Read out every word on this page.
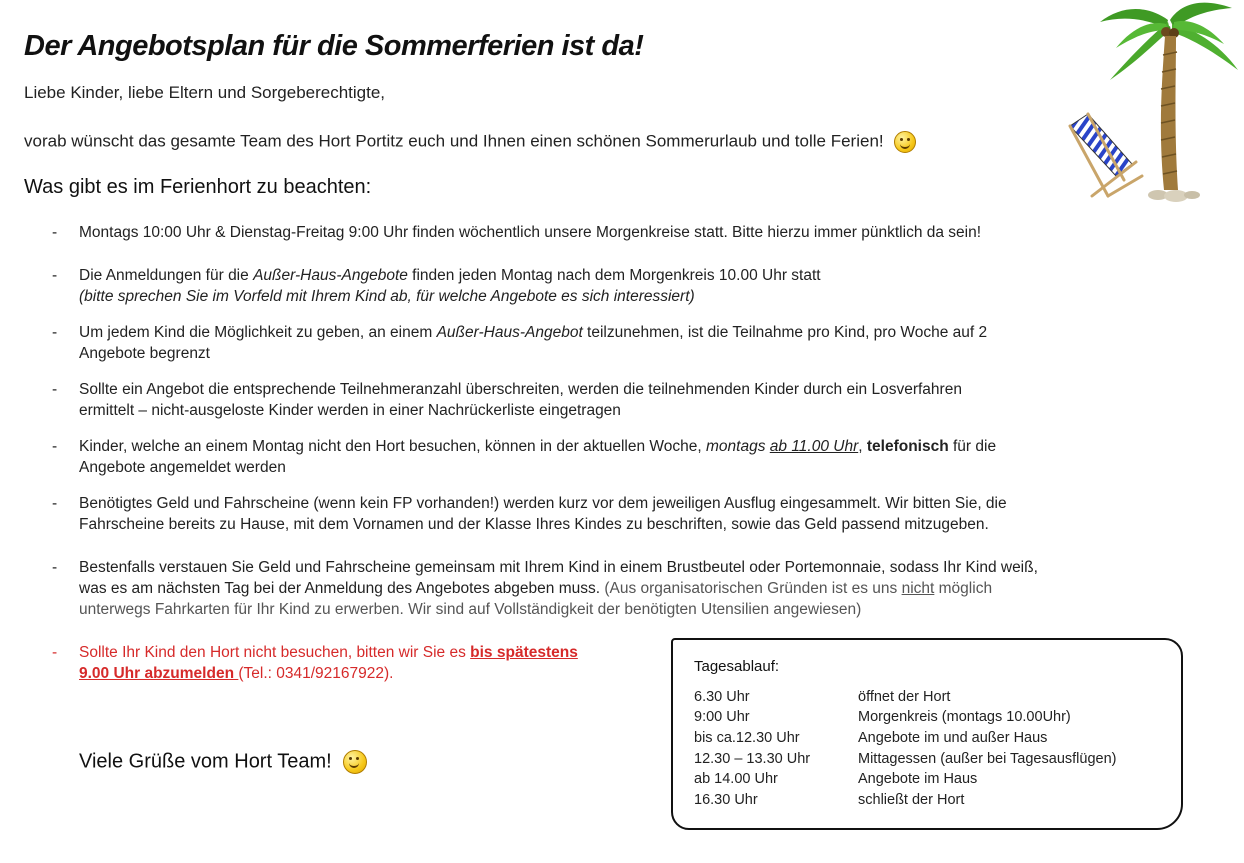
Der Angebotsplan für die Sommerferien ist da!
Liebe Kinder, liebe Eltern und Sorgeberechtigte,
vorab wünscht das gesamte Team des Hort Portitz euch und Ihnen einen schönen Sommerurlaub und tolle Ferien!
Was gibt es im Ferienhort zu beachten:
- Montags 10:00 Uhr & Dienstag-Freitag 9:00 Uhr finden wöchentlich unsere Morgenkreise statt. Bitte hierzu immer pünktlich da sein!
- Die Anmeldungen für die Außer-Haus-Angebote finden jeden Montag nach dem Morgenkreis 10.00 Uhr statt
(bitte sprechen Sie im Vorfeld mit Ihrem Kind ab, für welche Angebote es sich interessiert)
- Um jedem Kind die Möglichkeit zu geben, an einem Außer-Haus-Angebot teilzunehmen, ist die Teilnahme pro Kind, pro Woche auf 2
Angebote begrenzt
- Sollte ein Angebot die entsprechende Teilnehmeranzahl überschreiten, werden die teilnehmenden Kinder durch ein Losverfahren
ermittelt – nicht-ausgeloste Kinder werden in einer Nachrückerliste eingetragen
- Kinder, welche an einem Montag nicht den Hort besuchen, können in der aktuellen Woche, montags ab 11.00 Uhr, telefonisch für die
Angebote angemeldet werden
- Benötigtes Geld und Fahrscheine (wenn kein FP vorhanden!) werden kurz vor dem jeweiligen Ausflug eingesammelt. Wir bitten Sie, die
Fahrscheine bereits zu Hause, mit dem Vornamen und der Klasse Ihres Kindes zu beschriften, sowie das Geld passend mitzugeben.
- Bestenfalls verstauen Sie Geld und Fahrscheine gemeinsam mit Ihrem Kind in einem Brustbeutel oder Portemonnaie, sodass Ihr Kind weiß,
was es am nächsten Tag bei der Anmeldung des Angebotes abgeben muss. (Aus organisatorischen Gründen ist es uns nicht möglich
unterwegs Fahrkarten für Ihr Kind zu erwerben. Wir sind auf Vollständigkeit der benötigten Utensilien angewiesen)
- Sollte Ihr Kind den Hort nicht besuchen, bitten wir Sie es bis spätestens
9.00 Uhr abzumelden (Tel.: 0341/92167922).
Viele Grüße vom Hort Team!
Tagesablauf:
6.30 Uhr	öffnet der Hort
9:00 Uhr	Morgenkreis (montags 10.00Uhr)
bis ca.12.30 Uhr	Angebote im und außer Haus
12.30 – 13.30 Uhr	Mittagessen (außer bei Tagesausflügen)
ab 14.00 Uhr	Angebote im Haus
16.30 Uhr	schließt der Hort
